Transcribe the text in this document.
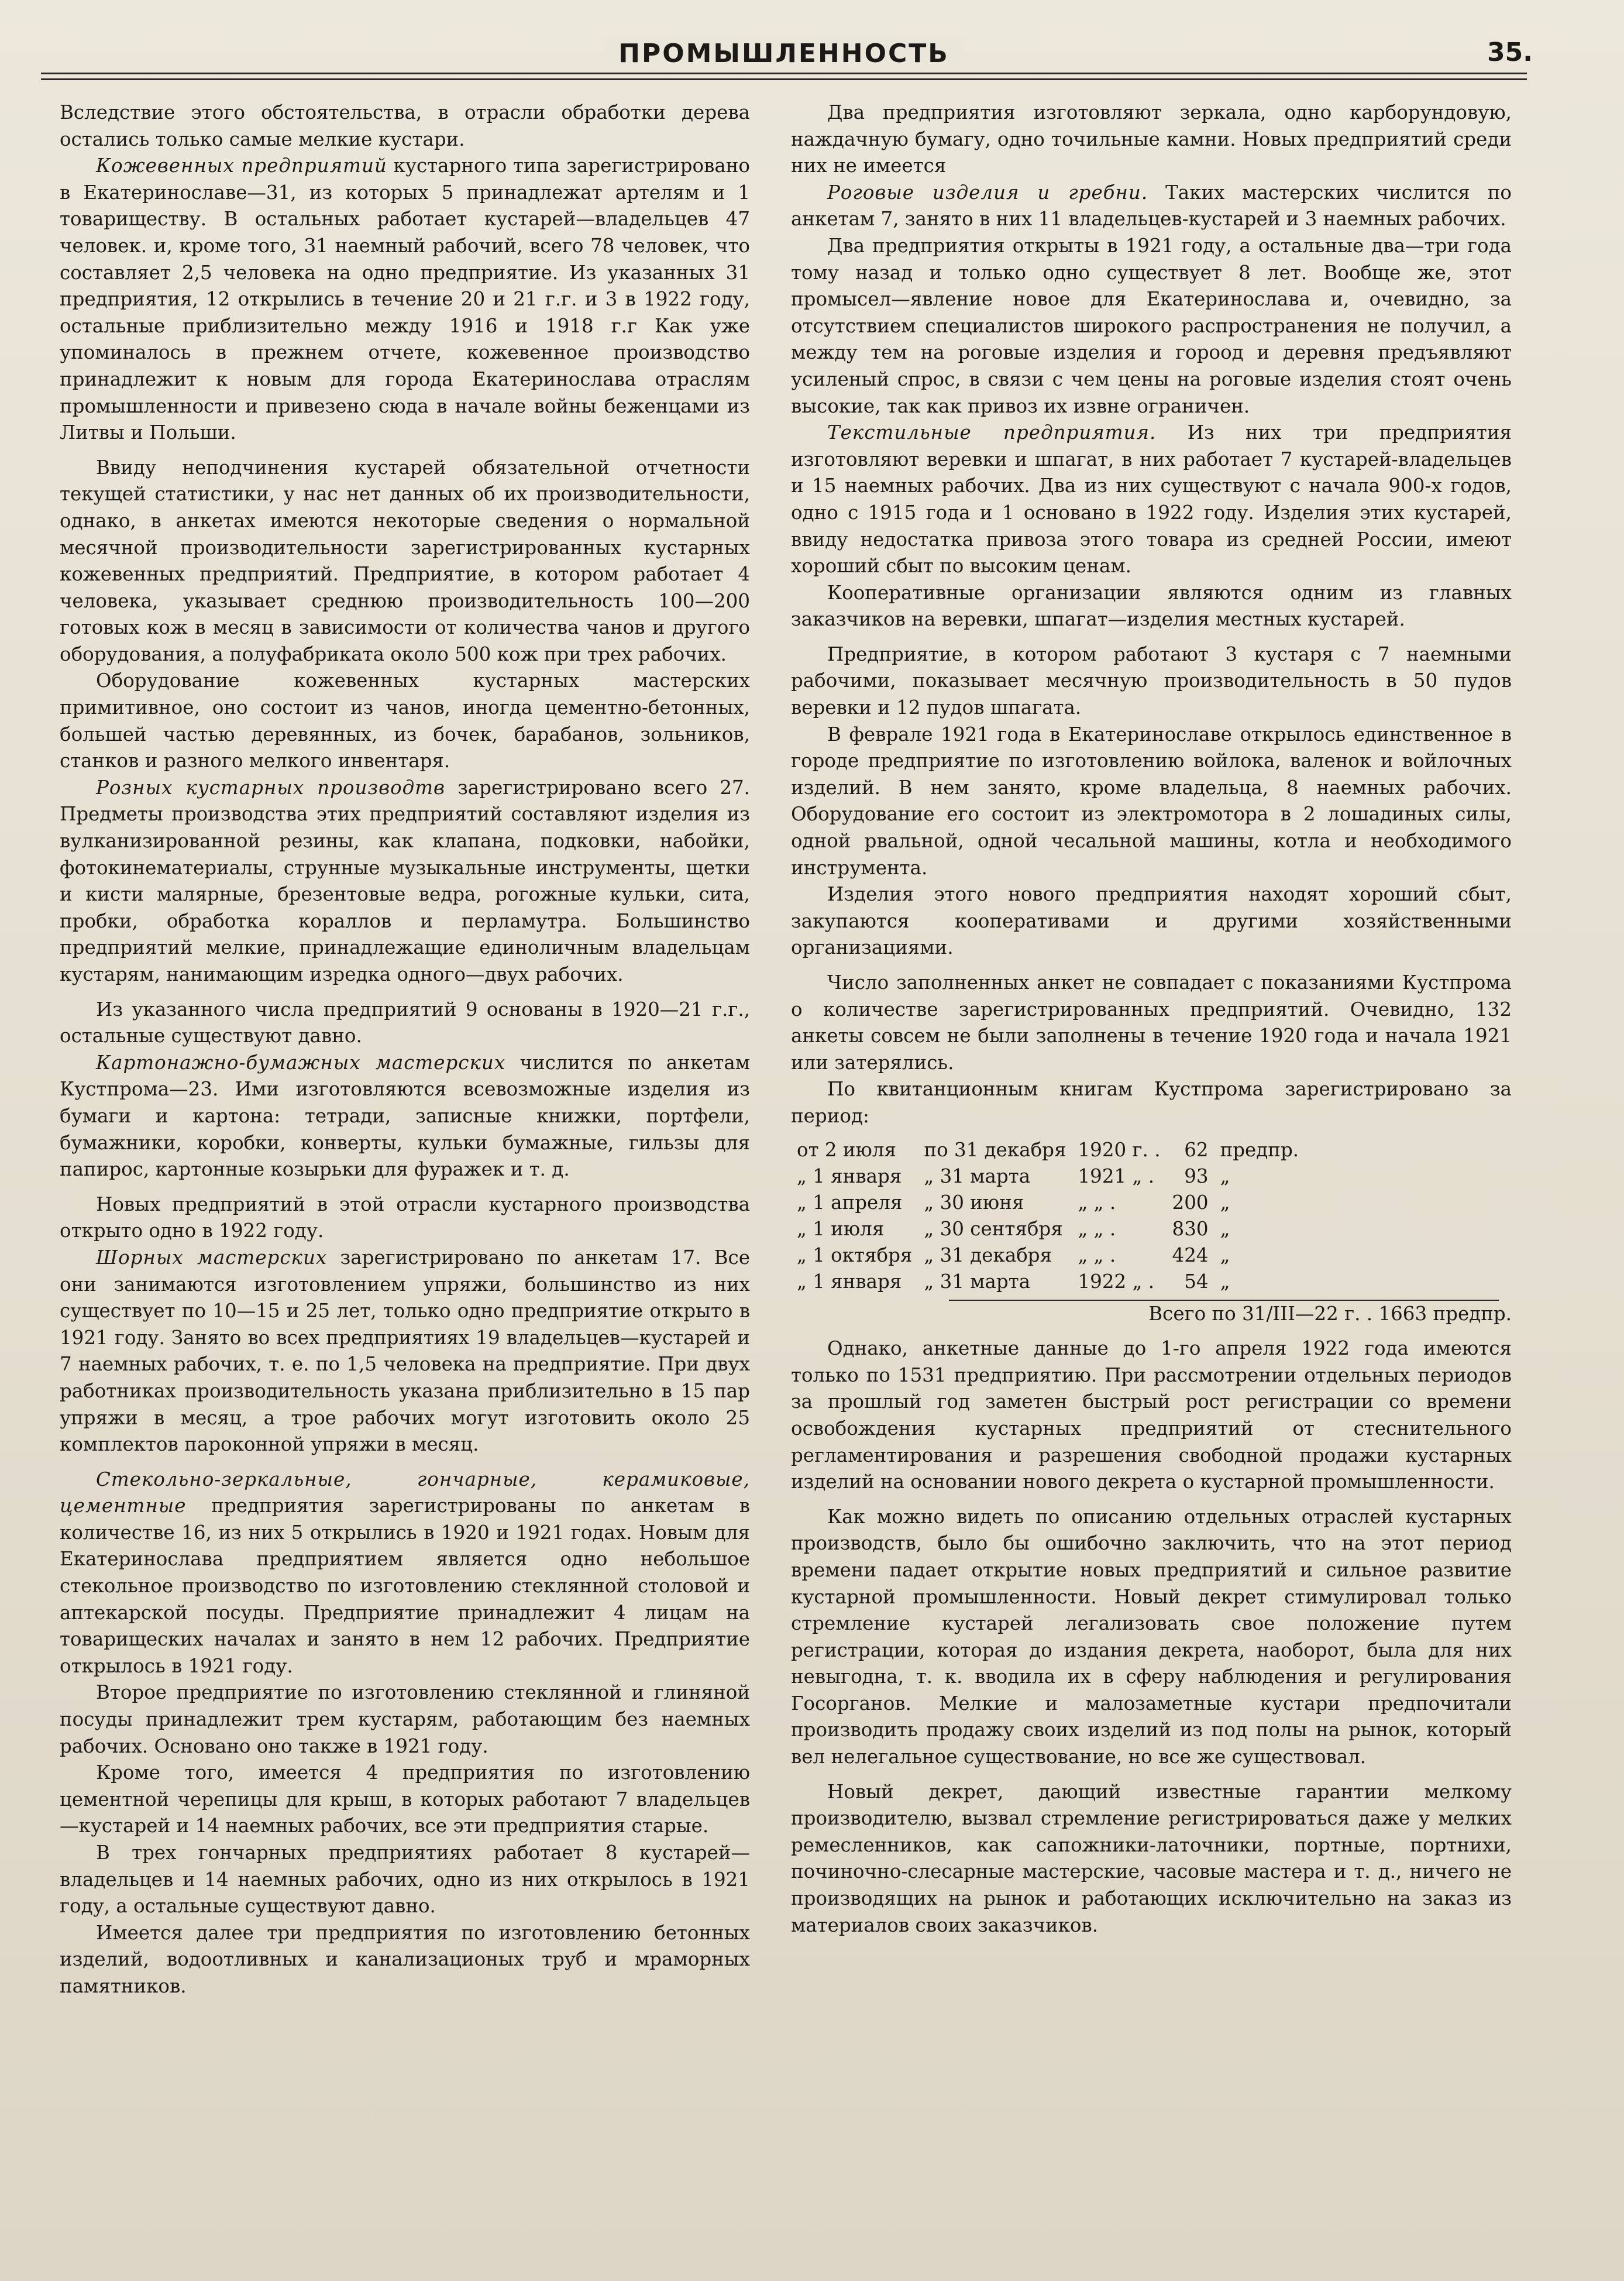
ПРОМЫШЛЕННОСТЬ	35.

Вследствие этого обстоятельства, в отрасли обработки дерева остались только самые мелкие кустари.

Кожевенных предприятий кустарного типа зарегистрировано в Екатеринославе—31, из которых 5 принадлежат артелям и 1 товариществу. В остальных работает кустарей—владельцев 47 человек. и, кроме того, 31 наемный рабочий, всего 78 человек, что составляет 2,5 человека на одно предприятие. Из указанных 31 предприятия, 12 открылись в течение 20 и 21 г.г. и 3 в 1922 году, остальные приблизительно между 1916 и 1918 г.г Как уже упоминалось в прежнем отчете, кожевенное производство принадлежит к новым для города Екатеринослава отраслям промышленности и привезено сюда в начале войны беженцами из Литвы и Польши.

Ввиду неподчинения кустарей обязательной отчетности текущей статистики, у нас нет данных об их производительности, однако, в анкетах имеются некоторые сведения о нормальной месячной производительности зарегистрированных кустарных кожевенных предприятий. Предприятие, в котором работает 4 человека, указывает среднюю производительность 100—200 готовых кож в месяц в зависимости от количества чанов и другого оборудования, а полуфабриката около 500 кож при трех рабочих.

Оборудование кожевенных кустарных мастерских примитивное, оно состоит из чанов, иногда цементно-бетонных, большей частью деревянных, из бочек, барабанов, зольников, станков и разного мелкого инвентаря.

Розных кустарных производтв зарегистрировано всего 27. Предметы производства этих предприятий составляют изделия из вулканизированной резины, как клапана, подковки, набойки, фотокинематериалы, струнные музыкальные инструменты, щетки и кисти малярные, брезентовые ведра, рогожные кульки, сита, пробки, обработка кораллов и перламутра. Большинство предприятий мелкие, принадлежащие единоличным владельцам кустарям, нанимающим изредка одного—двух рабочих.

Из указанного числа предприятий 9 основаны в 1920—21 г.г., остальные существуют давно.

Картонажно-бумажных мастерских числится по анкетам Кустпрома—23. Ими изготовляются всевозможные изделия из бумаги и картона: тетради, записные книжки, портфели, бумажники, коробки, конверты, кульки бумажные, гильзы для папирос, картонные козырьки для фуражек и т. д.

Новых предприятий в этой отрасли кустарного производства открыто одно в 1922 году.

Шорных мастерских зарегистрировано по анкетам 17. Все они занимаются изготовлением упряжи, большинство из них существует по 10—15 и 25 лет, только одно предприятие открыто в 1921 году. Занято во всех предприятиях 19 владельцев—кустарей и 7 наемных рабочих, т. е. по 1,5 человека на предприятие. При двух работниках производительность указана приблизительно в 15 пар упряжи в месяц, а трое рабочих могут изготовить около 25 комплектов пароконной упряжи в месяц.

Стекольно-зеркальные, гончарные, керамиковые, цементные предприятия зарегистрированы по анкетам в количестве 16, из них 5 открылись в 1920 и 1921 годах. Новым для Екатеринослава предприятием является одно небольшое стекольное производство по изготовлению стеклянной столовой и аптекарской посуды. Предприятие принадлежит 4 лицам на товарищеских началах и занято в нем 12 рабочих. Предприятие открылось в 1921 году.

Второе предприятие по изготовлению стеклянной и глиняной посуды принадлежит трем кустарям, работающим без наемных рабочих. Основано оно также в 1921 году.

Кроме того, имеется 4 предприятия по изготовлению цементной черепицы для крыш, в которых работают 7 владельцев—кустарей и 14 наемных рабочих, все эти предприятия старые.

В трех гончарных предприятиях работает 8 кустарей—владельцев и 14 наемных рабочих, одно из них открылось в 1921 году, а остальные существуют давно.

Имеется далее три предприятия по изготовлению бетонных изделий, водоотливных и канализационых труб и мраморных памятников.

Два предприятия изготовляют зеркала, одно карборундовую, наждачную бумагу, одно точильные камни. Новых предприятий среди них не имеется

Роговые изделия и гребни. Таких мастерских числится по анкетам 7, занято в них 11 владельцев-кустарей и 3 наемных рабочих.

Два предприятия открыты в 1921 году, а остальные два—три года тому назад и только одно существует 8 лет. Вообще же, этот промысел—явление новое для Екатеринослава и, очевидно, за отсутствием специалистов широкого распространения не получил, а между тем на роговые изделия и гороод и деревня предъявляют усиленый спрос, в связи с чем цены на роговые изделия стоят очень высокие, так как привоз их извне ограничен.

Текстильные предприятия. Из них три предприятия изготовляют веревки и шпагат, в них работает 7 кустарей-владельцев и 15 наемных рабочих. Два из них существуют с начала 900-х годов, одно с 1915 года и 1 основано в 1922 году. Изделия этих кустарей, ввиду недостатка привоза этого товара из средней России, имеют хороший сбыт по высоким ценам.

Кооперативные организации являются одним из главных заказчиков на веревки, шпагат—изделия местных кустарей.

Предприятие, в котором работают 3 кустаря с 7 наемными рабочими, показывает месячную производительность в 50 пудов веревки и 12 пудов шпагата.

В феврале 1921 года в Екатеринославе открылось единственное в городе предприятие по изготовлению войлока, валенок и войлочных изделий. В нем занято, кроме владельца, 8 наемных рабочих. Оборудование его состоит из электромотора в 2 лошадиных силы, одной рвальной, одной чесальной машины, котла и необходимого инструмента.

Изделия этого нового предприятия находят хороший сбыт, закупаются кооперативами и другими хозяйственными организациями.

Число заполненных анкет не совпадает с показаниями Кустпрома о количестве зарегистрированных предприятий. Очевидно, 132 анкеты совсем не были заполнены в течение 1920 года и начала 1921 или затерялись.

По квитанционным книгам Кустпрома зарегистрировано за период:

от 2 июля	по 31 декабря	1920 г. .	62	предпр.
„ 1 января	„ 31 марта	1921 „ .	93	„
„ 1 апреля	„ 30 июня	„ „ .	200	„
„ 1 июля	„ 30 сентября	„ „ .	830	„
„ 1 октября	„ 31 декабря	„ „ .	424	„
„ 1 января	„ 31 марта	1922 „ .	54	„

Всего по 31/III—22 г. . 1663 предпр.

Однако, анкетные данные до 1-го апреля 1922 года имеются только по 1531 предприятию. При рассмотрении отдельных периодов за прошлый год заметен быстрый рост регистрации со времени освобождения кустарных предприятий от стеснительного регламентирования и разрешения свободной продажи кустарных изделий на основании нового декрета о кустарной промышленности.

Как можно видеть по описанию отдельных отраслей кустарных производств, было бы ошибочно заключить, что на этот период времени падает открытие новых предприятий и сильное развитие кустарной промышленности. Новый декрет стимулировал только стремление кустарей легализовать свое положение путем регистрации, которая до издания декрета, наоборот, была для них невыгодна, т. к. вводила их в сферу наблюдения и регулирования Госорганов. Мелкие и малозаметные кустари предпочитали производить продажу своих изделий из под полы на рынок, который вел нелегальное существование, но все же существовал.

Новый декрет, дающий известные гарантии мелкому производителю, вызвал стремление регистрироваться даже у мелких ремесленников, как сапожники-латочники, портные, портнихи, починочно-слесарные мастерские, часовые мастера и т. д., ничего не производящих на рынок и работающих исключительно на заказ из материалов своих заказчиков.
